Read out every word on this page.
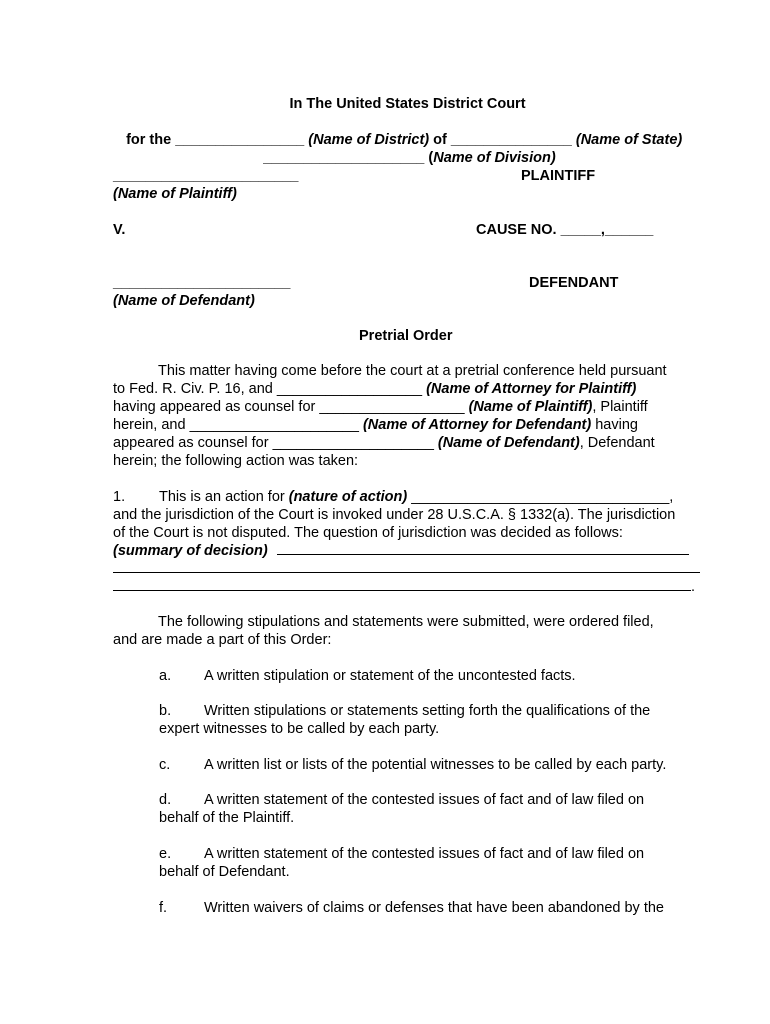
In The United States District Court

for the ________________ (Name of District) of _______________ (Name of State)

____________________ (Name of Division)

_______________________	PLAINTIFF
(Name of Plaintiff)
V.	CAUSE NO. _____,______
______________________	DEFENDANT
(Name of Defendant)
Pretrial Order
This matter having come before the court at a pretrial conference held pursuant
to Fed. R. Civ. P. 16, and __________________ (Name of Attorney for Plaintiff)
having appeared as counsel for __________________ (Name of Plaintiff), Plaintiff
herein, and _____________________ (Name of Attorney for Defendant) having
appeared as counsel for ____________________ (Name of Defendant), Defendant
herein; the following action was taken:
1. This is an action for (nature of action) ________________________________,
and the jurisdiction of the Court is invoked under 28 U.S.C.A. § 1332(a). The jurisdiction
of the Court is not disputed. The question of jurisdiction was decided as follows:
(summary of decision)
.
The following stipulations and statements were submitted, were ordered filed,
and are made a part of this Order:
a. A written stipulation or statement of the uncontested facts.
b. Written stipulations or statements setting forth the qualifications of the
expert witnesses to be called by each party.
c. A written list or lists of the potential witnesses to be called by each party.
d. A written statement of the contested issues of fact and of law filed on
behalf of the Plaintiff.
e. A written statement of the contested issues of fact and of law filed on
behalf of Defendant.
f.	Written waivers of claims or defenses that have been abandoned by the
